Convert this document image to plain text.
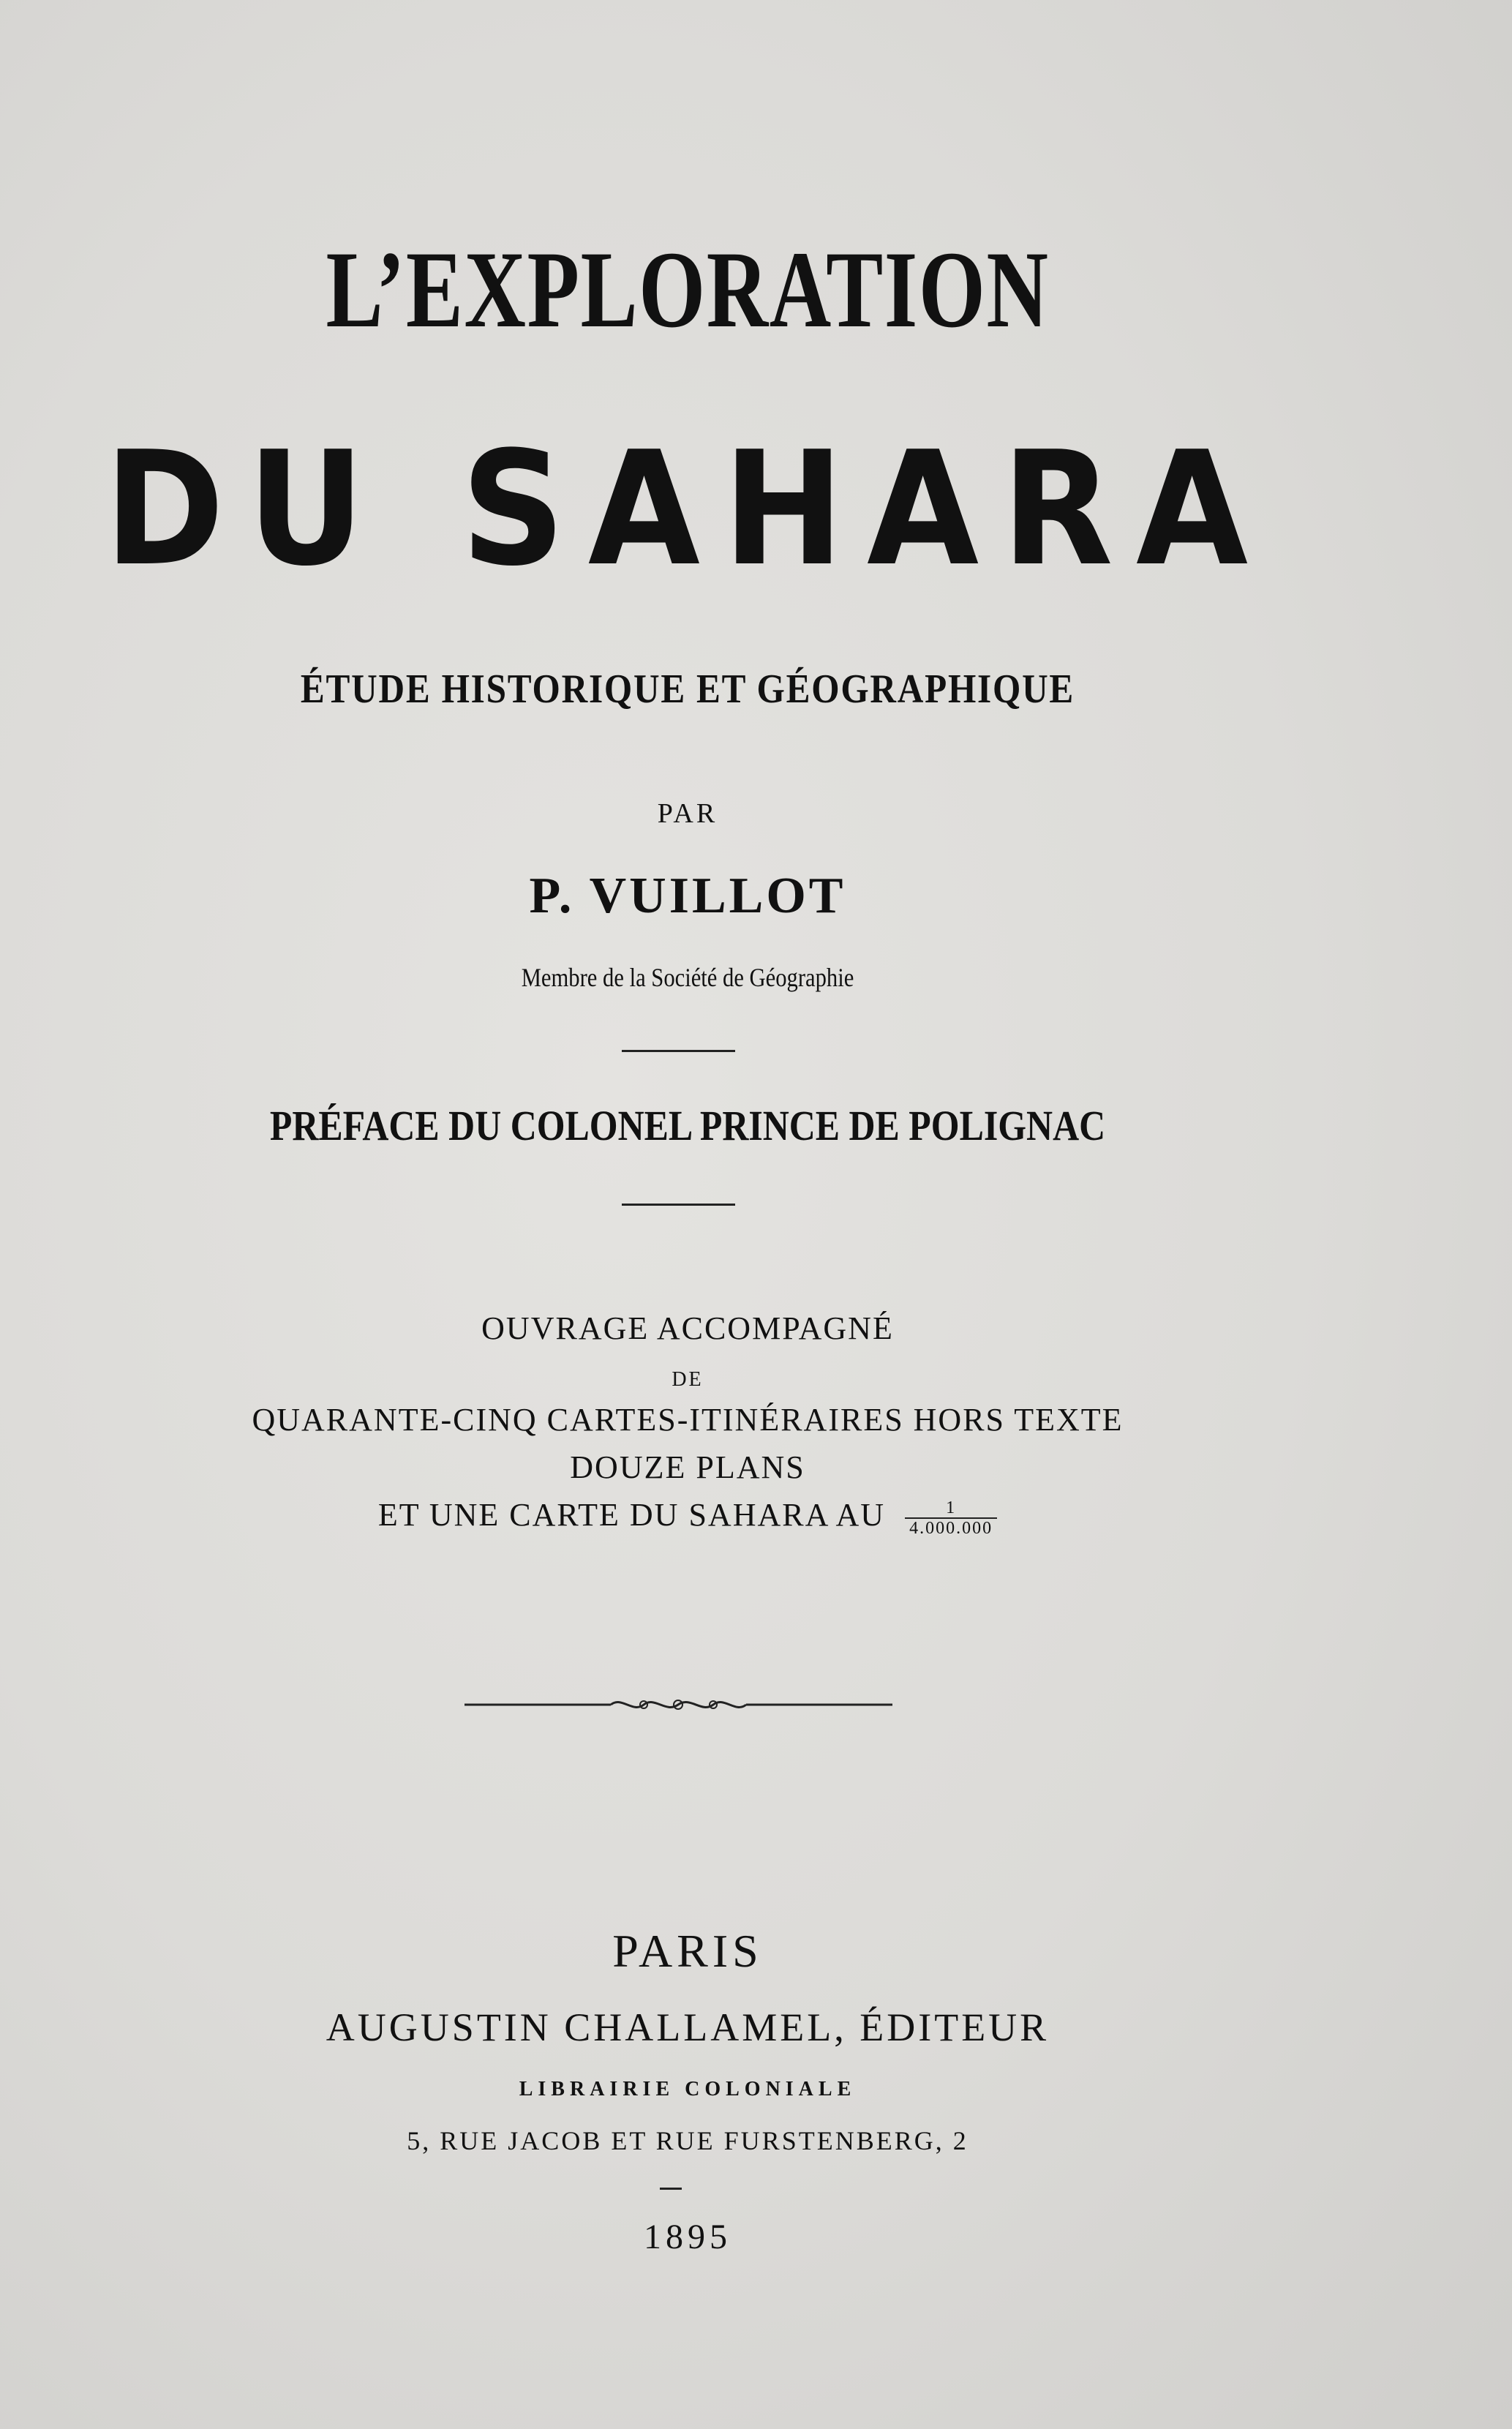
L’EXPLORATION
DU SAHARA
ÉTUDE HISTORIQUE ET GÉOGRAPHIQUE
PAR
P. VUILLOT
Membre de la Société de Géographie
PRÉFACE DU COLONEL PRINCE DE POLIGNAC
OUVRAGE ACCOMPAGNÉ
DE
QUARANTE-CINQ CARTES-ITINÉRAIRES HORS TEXTE
DOUZE PLANS
ET UNE CARTE DU SAHARA AU $\frac{1}{4.000.000}$
PARIS
AUGUSTIN CHALLAMEL, ÉDITEUR
LIBRAIRIE COLONIALE
5, RUE JACOB ET RUE FURSTENBERG, 2
1895
